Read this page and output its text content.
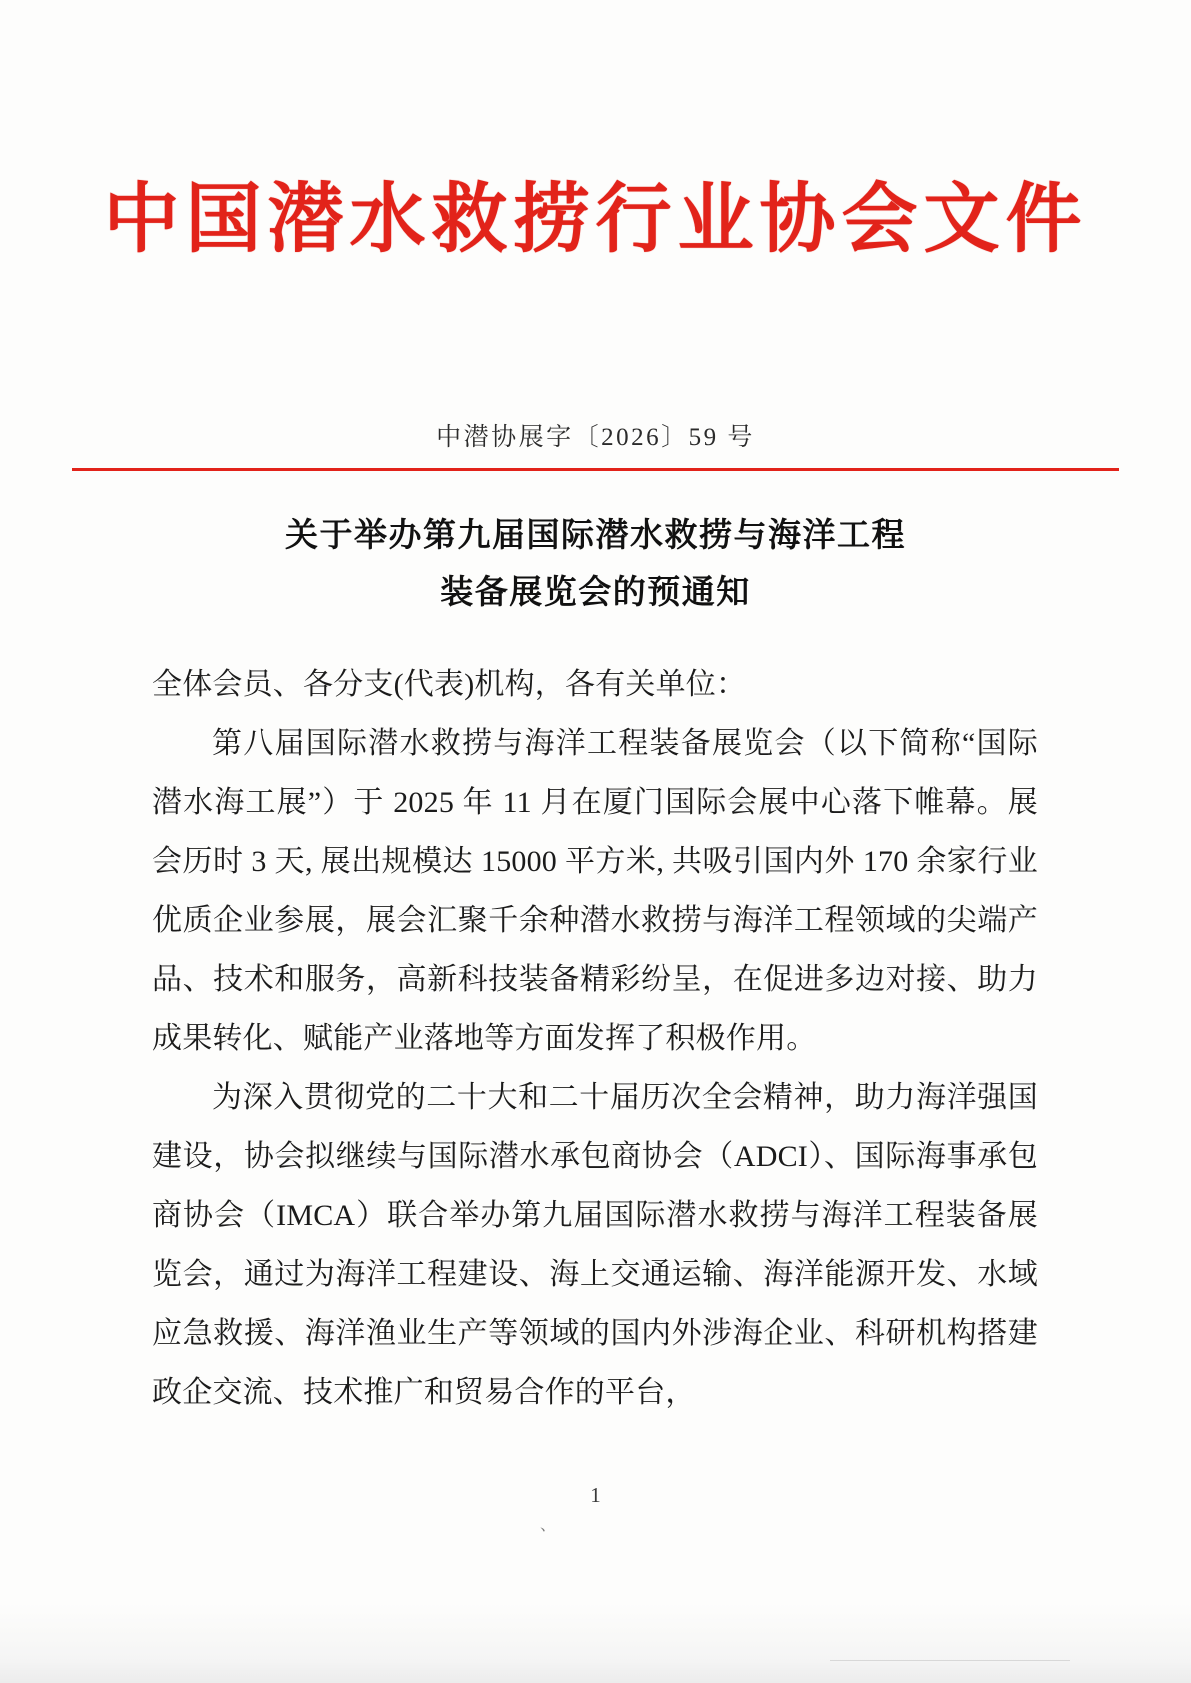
中国潜水救捞行业协会文件
中潜协展字〔2026〕59 号
关于举办第九届国际潜水救捞与海洋工程
装备展览会的预通知

全体会员、各分支(代表)机构，各有关单位：

第八届国际潜水救捞与海洋工程装备展览会（以下简称“国际潜水海工展”）于 2025 年 11 月在厦门国际会展中心落下帷幕。展会历时 3 天, 展出规模达 15000 平方米, 共吸引国内外 170 余家行业优质企业参展，展会汇聚千余种潜水救捞与海洋工程领域的尖端产品、技术和服务，高新科技装备精彩纷呈，在促进多边对接、助力成果转化、赋能产业落地等方面发挥了积极作用。

为深入贯彻党的二十大和二十届历次全会精神，助力海洋强国建设，协会拟继续与国际潜水承包商协会（ADCI）、国际海事承包商协会（IMCA）联合举办第九届国际潜水救捞与海洋工程装备展览会，通过为海洋工程建设、海上交通运输、海洋能源开发、水域应急救援、海洋渔业生产等领域的国内外涉海企业、科研机构搭建政企交流、技术推广和贸易合作的平台，

1
、
